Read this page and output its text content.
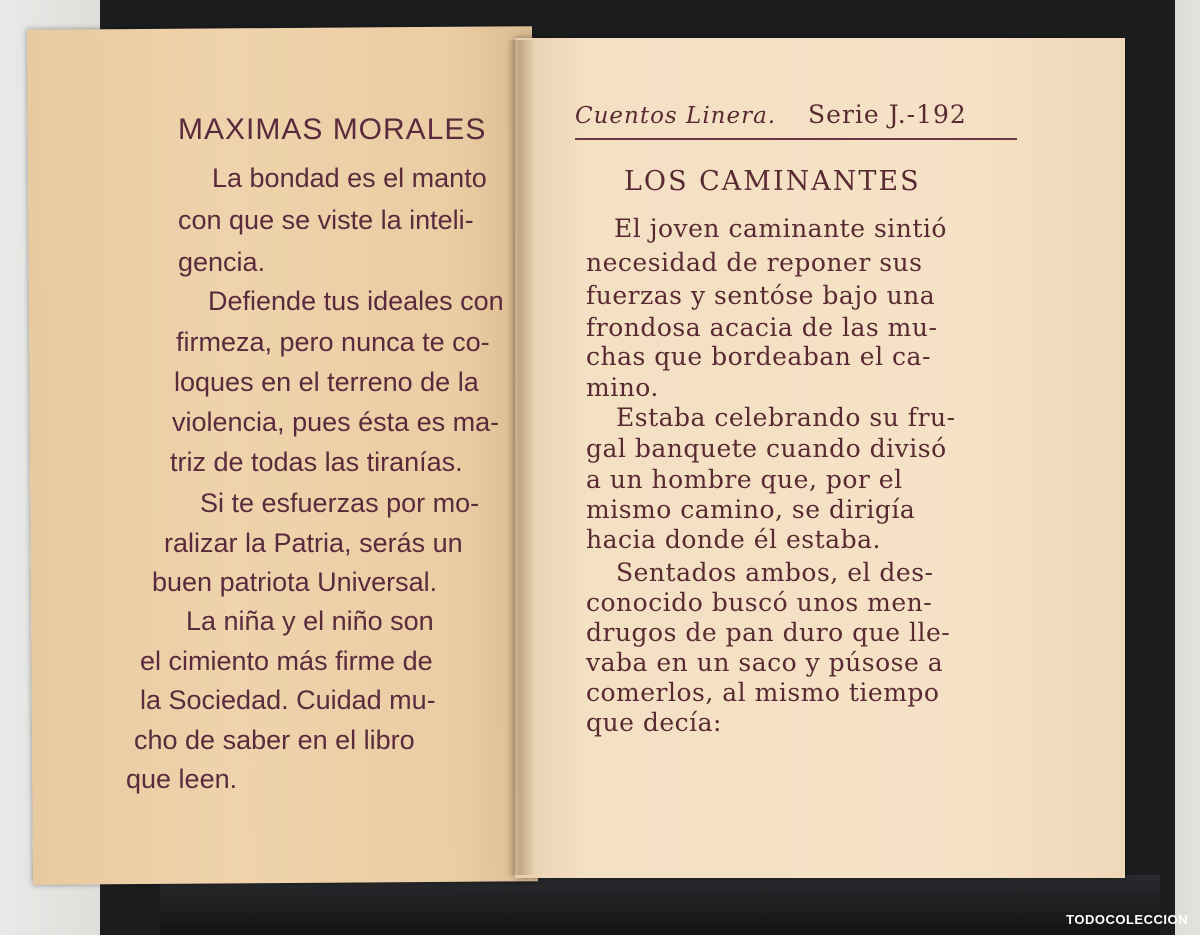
MAXIMAS MORALES
La bondad es el manto
con que se viste la inteli-
gencia.
Defiende tus ideales con
firmeza, pero nunca te co-
loques en el terreno de la
violencia, pues ésta es ma-
triz de todas las tiranías.
Si te esfuerzas por mo-
ralizar la Patria, serás un
buen patriota Universal.
La niña y el niño son
el cimiento más firme de
la Sociedad. Cuidad mu-
cho de saber en el libro
que leen.
Cuentos Linera. Serie J.-192
LOS CAMINANTES
El joven caminante sintió
necesidad de reponer sus
fuerzas y sentóse bajo una
frondosa acacia de las mu-
chas que bordeaban el ca-
mino.
Estaba celebrando su fru-
gal banquete cuando divisó
a un hombre que, por el
mismo camino, se dirigía
hacia donde él estaba.
Sentados ambos, el des-
conocido buscó unos men-
drugos de pan duro que lle-
vaba en un saco y púsose a
comerlos, al mismo tiempo
que decía:
TODOCOLECCION
